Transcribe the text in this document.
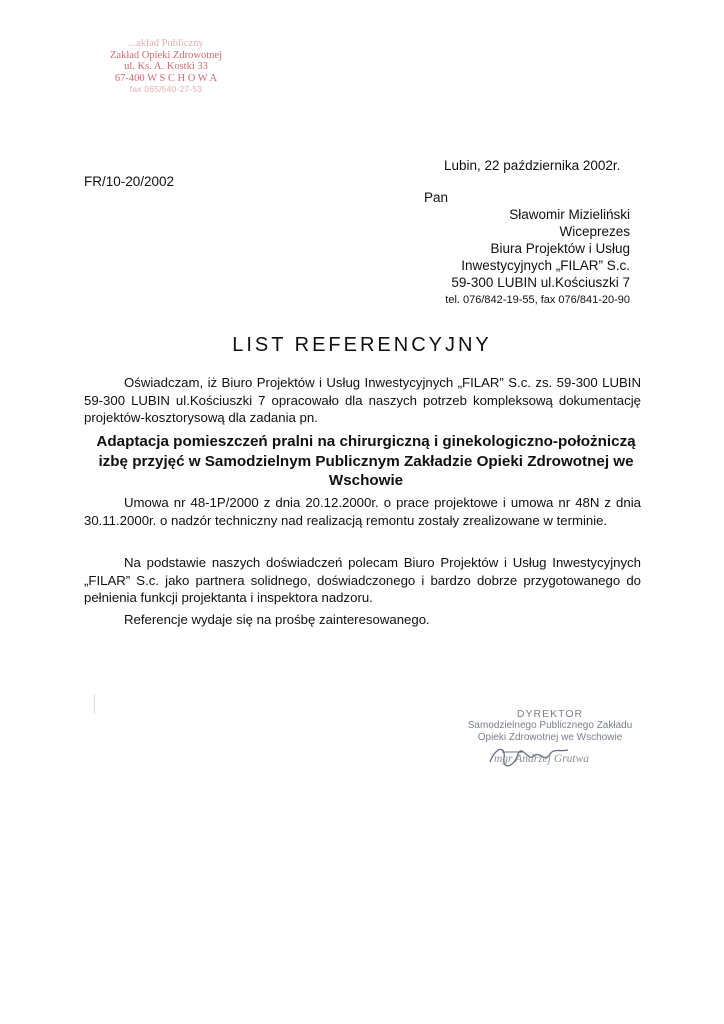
...akład Publiczny
Zakład Opieki Zdrowotnej
ul. Ks. A. Kostki 33
67-400 W S C H O W A
fax 065/540-27-53
Lubin, 22 października 2002r.
FR/10-20/2002
Pan
Sławomir Mizieliński
Wiceprezes
Biura Projektów i Usług
Inwestycyjnych „FILAR” S.c.
59-300 LUBIN ul.Kościuszki 7
tel. 076/842-19-55, fax 076/841-20-90
LIST REFERENCYJNY
Oświadczam, iż Biuro Projektów i Usług Inwestycyjnych „FILAR” S.c. zs. 59-300 LUBIN 59-300 LUBIN ul.Kościuszki 7 opracowało dla naszych potrzeb kompleksową dokumentację projektów-kosztorysową dla zadania pn.
Adaptacja pomieszczeń pralni na chirurgiczną i ginekologiczno-położniczą izbę przyjęć w Samodzielnym Publicznym Zakładzie Opieki Zdrowotnej we Wschowie
Umowa nr 48-1P/2000 z dnia 20.12.2000r. o prace projektowe i umowa nr 48N z dnia 30.11.2000r. o nadzór techniczny nad realizacją remontu zostały zrealizowane w terminie.
Na podstawie naszych doświadczeń polecam Biuro Projektów i Usług Inwestycyjnych „FILAR” S.c. jako partnera solidnego, doświadczonego i bardzo dobrze przygotowanego do pełnienia funkcji projektanta i inspektora nadzoru.
Referencje wydaje się na prośbę zainteresowanego.
DYREKTOR
Samodzielnego Publicznego Zakładu
Opieki Zdrowotnej we Wschowie
mgr Andrzej Grutwa
